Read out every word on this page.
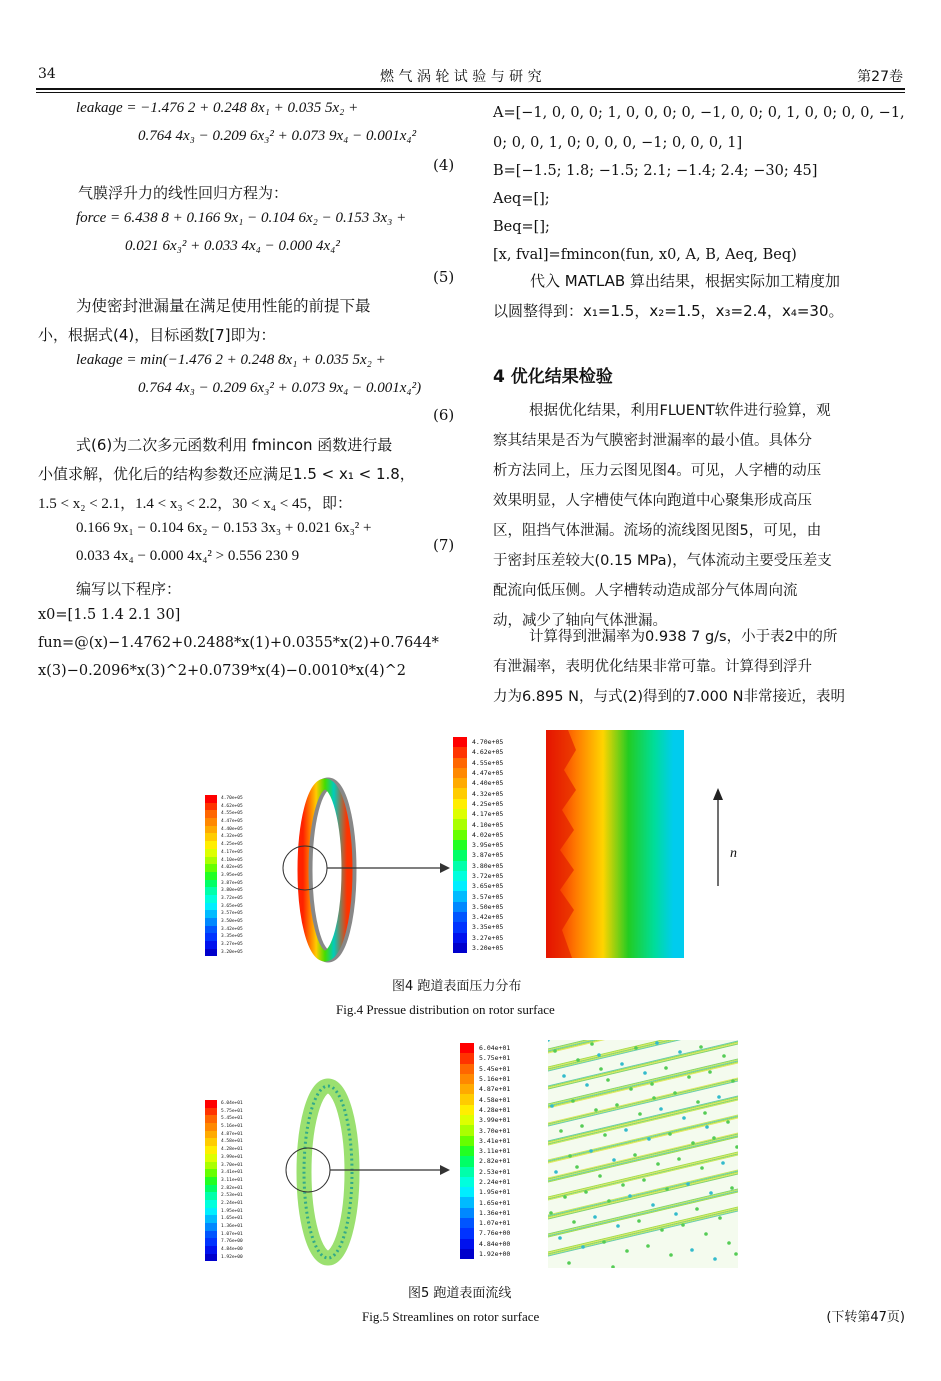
34	燃 气 涡 轮 试 验 与 研 究	第27卷
leakage = −1.476 2 + 0.248 8x₁ + 0.035 5x₂ +
0.764 4x₃ − 0.209 6x₃² + 0.073 9x₄ − 0.001x₄²
(4)
气膜浮升力的线性回归方程为：
force = 6.438 8 + 0.166 9x₁ − 0.104 6x₂ − 0.153 3x₃ +
0.021 6x₃² + 0.033 4x₄ − 0.000 4x₄²
(5)
为使密封泄漏量在满足使用性能的前提下最
小，根据式(4)，目标函数[7]即为：
leakage = min(−1.476 2 + 0.248 8x₁ + 0.035 5x₂ +
0.764 4x₃ − 0.209 6x₃² + 0.073 9x₄ − 0.001x₄²)
(6)
式(6)为二次多元函数利用 fmincon 函数进行最
小值求解，优化后的结构参数还应满足1.5 < x₁ < 1.8，
1.5 < x₂ < 2.1，1.4 < x₃ < 2.2，30 < x₄ < 45，即：
0.166 9x₁ − 0.104 6x₂ − 0.153 3x₃ + 0.021 6x₃² +
0.033 4x₄ − 0.000 4x₄² > 0.556 230 9
(7)
编写以下程序：
x0=[1.5 1.4 2.1 30]
fun=@(x)−1.4762+0.2488*x(1)+0.0355*x(2)+0.7644*
x(3)−0.2096*x(3)^2+0.0739*x(4)−0.0010*x(4)^2
A=[−1, 0, 0, 0; 1, 0, 0, 0; 0, −1, 0, 0; 0, 1, 0, 0; 0, 0, −1,
0; 0, 0, 1, 0; 0, 0, 0, −1; 0, 0, 0, 1]
B=[−1.5; 1.8; −1.5; 2.1; −1.4; 2.4; −30; 45]
Aeq=[];
Beq=[];
[x, fval]=fmincon(fun, x0, A, B, Aeq, Beq)
代入 MATLAB 算出结果，根据实际加工精度加
以圆整得到：x₁=1.5，x₂=1.5，x₃=2.4，x₄=30。
4 优化结果检验
根据优化结果，利用FLUENT软件进行验算，观
察其结果是否为气膜密封泄漏率的最小值。具体分
析方法同上，压力云图见图4。可见，人字槽的动压
效果明显，人字槽使气体向跑道中心聚集形成高压
区，阻挡气体泄漏。流场的流线图见图5，可见，由
于密封压差较大(0.15 MPa)，气体流动主要受压差支
配流向低压侧。人字槽转动造成部分气体周向流
动，减少了轴向气体泄漏。
计算得到泄漏率为0.938 7 g/s，小于表2中的所
有泄漏率，表明优化结果非常可靠。计算得到浮升
力为6.895 N，与式(2)得到的7.000 N非常接近，表明
4.70e+05
4.62e+05
4.55e+05
4.47e+05
4.40e+05
4.32e+05
4.25e+05
4.17e+05
4.10e+05
4.02e+05
3.95e+05
3.87e+05
3.80e+05
3.72e+05
3.65e+05
3.57e+05
3.50e+05
3.42e+05
3.35e+05
3.27e+05
3.20e+05
4.70e+05
4.62e+05
4.55e+05
4.47e+05
4.40e+05
4.32e+05
4.25e+05
4.17e+05
4.10e+05
4.02e+05
3.95e+05
3.87e+05
3.80e+05
3.72e+05
3.65e+05
3.57e+05
3.50e+05
3.42e+05
3.35e+05
3.27e+05
3.20e+05
n
图4 跑道表面压力分布
Fig.4 Pressue distribution on rotor surface
6.04e+01
5.75e+01
5.45e+01
5.16e+01
4.87e+01
4.58e+01
4.28e+01
3.99e+01
3.70e+01
3.41e+01
3.11e+01
2.82e+01
2.53e+01
2.24e+01
1.95e+01
1.65e+01
1.36e+01
1.07e+01
7.76e+00
4.84e+00
1.92e+00
6.04e+01
5.75e+01
5.45e+01
5.16e+01
4.87e+01
4.58e+01
4.28e+01
3.99e+01
3.70e+01
3.41e+01
3.11e+01
2.82e+01
2.53e+01
2.24e+01
1.95e+01
1.65e+01
1.36e+01
1.07e+01
7.76e+00
4.84e+00
1.92e+00
图5 跑道表面流线
Fig.5 Streamlines on rotor surface	(下转第47页)
